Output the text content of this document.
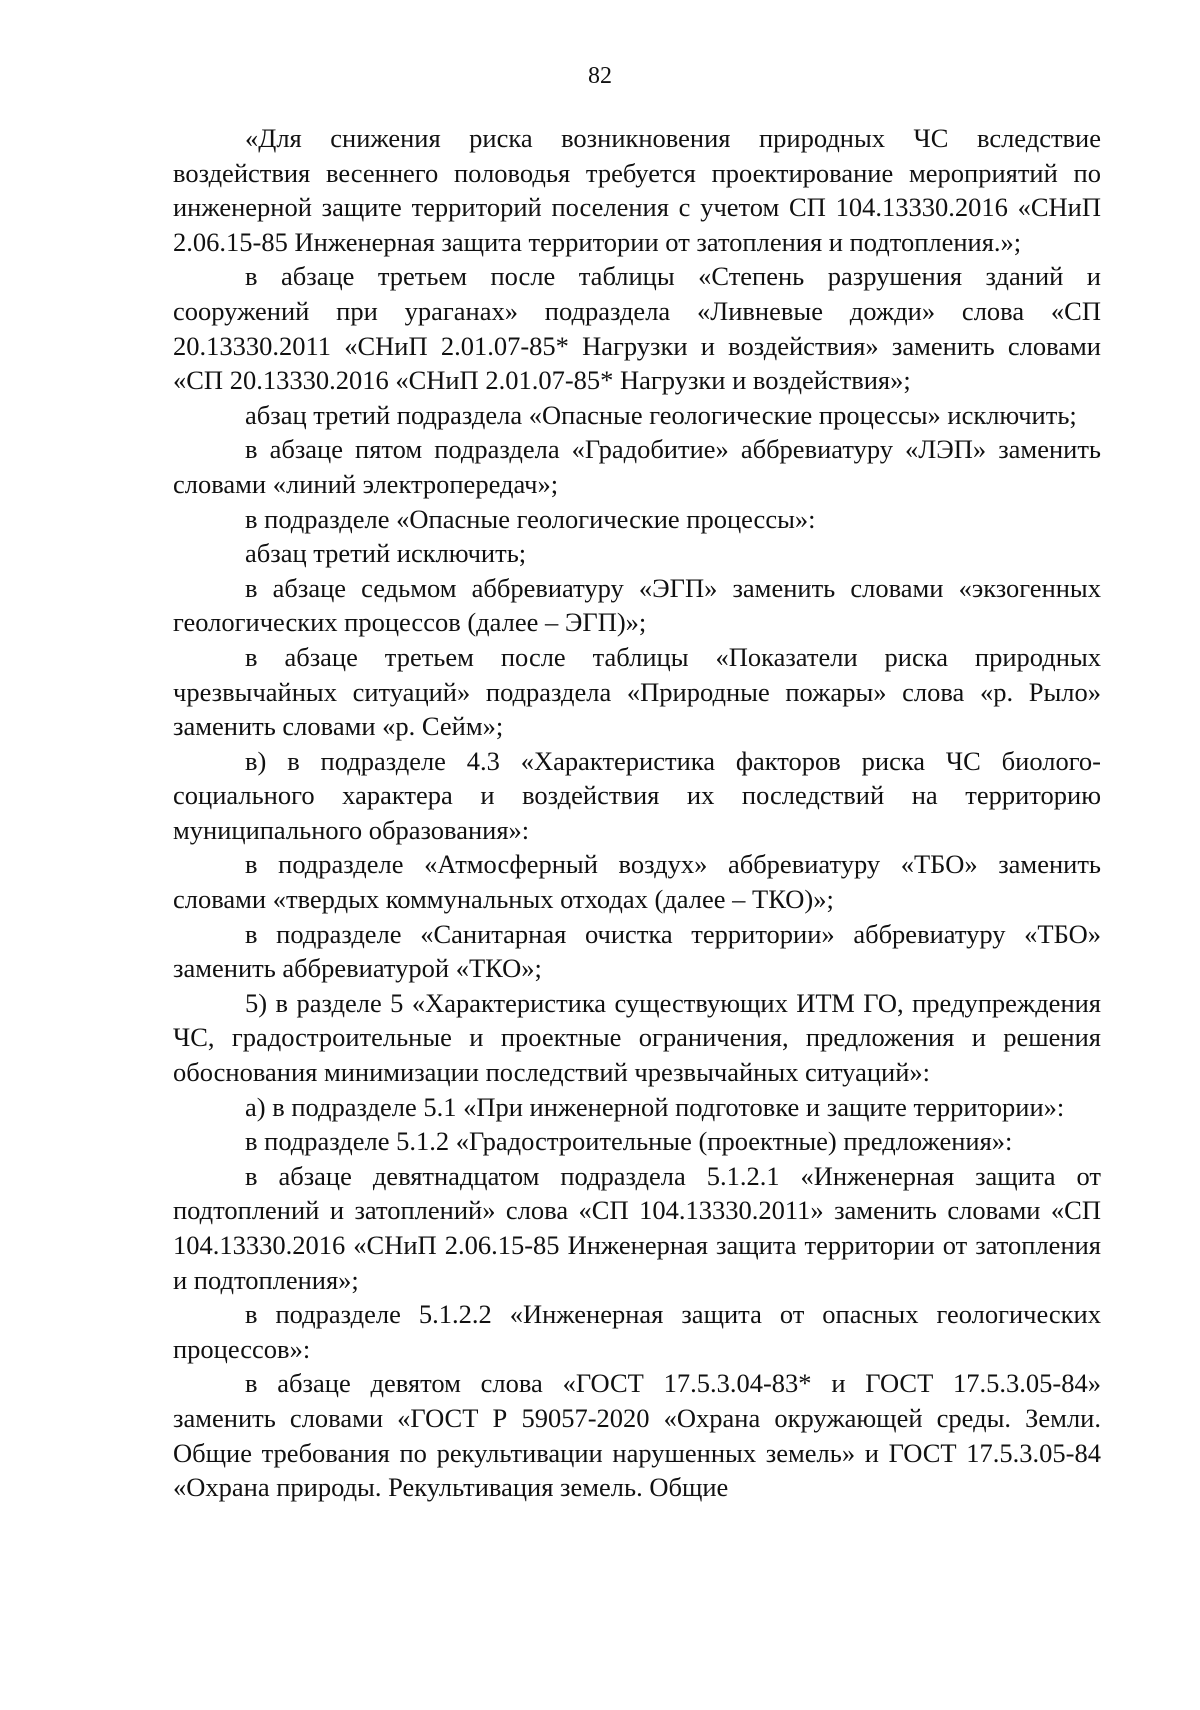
82

«Для снижения риска возникновения природных ЧС вследствие воздействия весеннего половодья требуется проектирование мероприятий по инженерной защите территорий поселения с учетом СП 104.13330.2016 «СНиП 2.06.15-85 Инженерная защита территории от затопления и подтопления.»;

в абзаце третьем после таблицы «Степень разрушения зданий и сооружений при ураганах» подраздела «Ливневые дожди» слова «СП 20.13330.2011 «СНиП 2.01.07-85* Нагрузки и воздействия» заменить словами «СП 20.13330.2016 «СНиП 2.01.07-85* Нагрузки и воздействия»;

абзац третий подраздела «Опасные геологические процессы» исключить;

в абзаце пятом подраздела «Градобитие» аббревиатуру «ЛЭП» заменить словами «линий электропередач»;

в подразделе «Опасные геологические процессы»:

абзац третий исключить;

в абзаце седьмом аббревиатуру «ЭГП» заменить словами «экзогенных геологических процессов (далее – ЭГП)»;

в абзаце третьем после таблицы «Показатели риска природных чрезвычайных ситуаций» подраздела «Природные пожары» слова «р. Рыло» заменить словами «р. Сейм»;

в) в подразделе 4.3 «Характеристика факторов риска ЧС биолого-социального характера и воздействия их последствий на территорию муниципального образования»:

в подразделе «Атмосферный воздух» аббревиатуру «ТБО» заменить словами «твердых коммунальных отходах (далее – ТКО)»;

в подразделе «Санитарная очистка территории» аббревиатуру «ТБО» заменить аббревиатурой «ТКО»;

5) в разделе 5 «Характеристика существующих ИТМ ГО, предупреждения ЧС, градостроительные и проектные ограничения, предложения и решения обоснования минимизации последствий чрезвычайных ситуаций»:

а) в подразделе 5.1 «При инженерной подготовке и защите территории»:

в подразделе 5.1.2 «Градостроительные (проектные) предложения»:

в абзаце девятнадцатом подраздела 5.1.2.1 «Инженерная защита от подтоплений и затоплений» слова «СП 104.13330.2011» заменить словами «СП 104.13330.2016 «СНиП 2.06.15-85 Инженерная защита территории от затопления и подтопления»;

в подразделе 5.1.2.2 «Инженерная защита от опасных геологических процессов»:

в абзаце девятом слова «ГОСТ 17.5.3.04-83* и ГОСТ 17.5.3.05-84» заменить словами «ГОСТ Р 59057-2020 «Охрана окружающей среды. Земли. Общие требования по рекультивации нарушенных земель» и ГОСТ 17.5.3.05-84 «Охрана природы. Рекультивация земель. Общие
